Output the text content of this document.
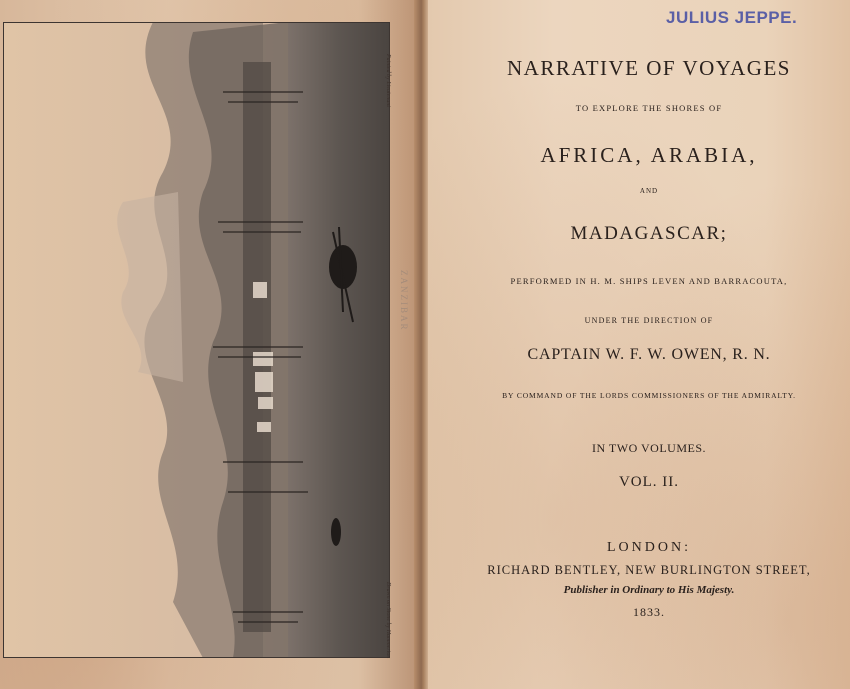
Painted by Lieutenant
Drawn on Stone by Hammerton
ZANZIBAR
JULIUS JEPPE.
NARRATIVE OF VOYAGES
TO EXPLORE THE SHORES OF
AFRICA, ARABIA,
AND
MADAGASCAR;
PERFORMED IN H. M. SHIPS LEVEN AND BARRACOUTA,
UNDER THE DIRECTION OF
CAPTAIN W. F. W. OWEN, R. N.
BY COMMAND OF THE LORDS COMMISSIONERS OF THE ADMIRALTY.
IN TWO VOLUMES.
VOL. II.
LONDON:
RICHARD BENTLEY, NEW BURLINGTON STREET,
Publisher in Ordinary to His Majesty.
1833.
